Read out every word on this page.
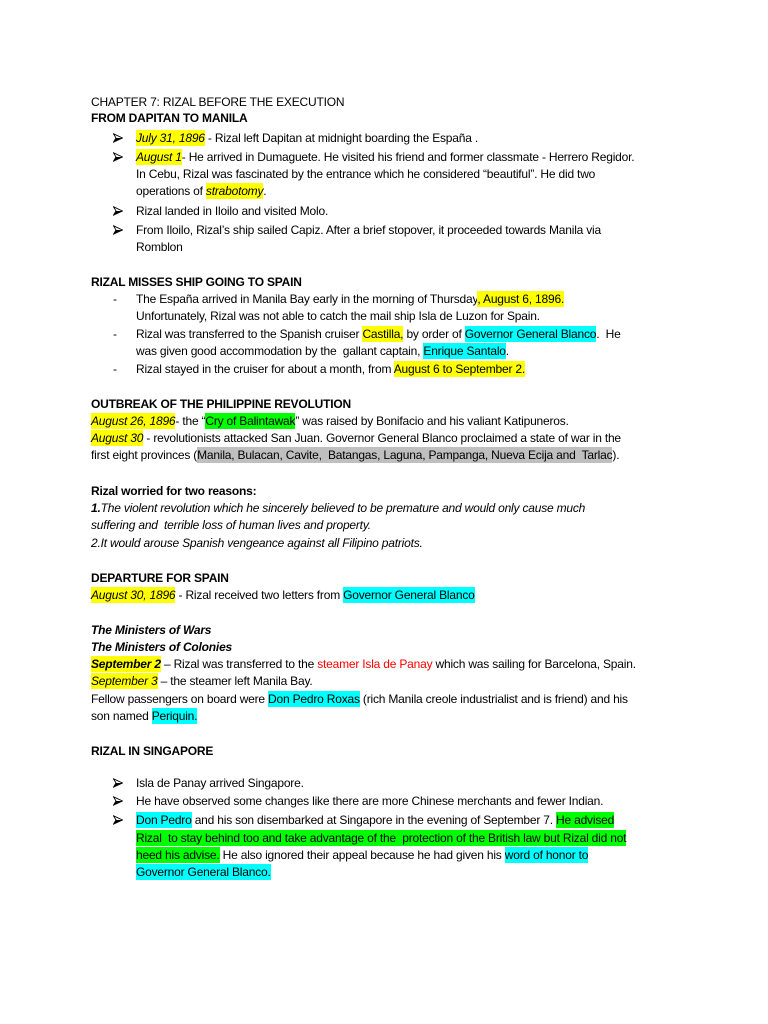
CHAPTER 7: RIZAL BEFORE THE EXECUTION
FROM DAPITAN TO MANILA
July 31, 1896 - Rizal left Dapitan at midnight boarding the España .
August 1- He arrived in Dumaguete. He visited his friend and former classmate - Herrero Regidor.
In Cebu, Rizal was fascinated by the entrance which he considered “beautiful”. He did two
operations of strabotomy.
Rizal landed in Iloilo and visited Molo.
From Iloilo, Rizal’s ship sailed Capiz. After a brief stopover, it proceeded towards Manila via
Romblon
RIZAL MISSES SHIP GOING TO SPAIN
- The España arrived in Manila Bay early in the morning of Thursday, August 6, 1896.
Unfortunately, Rizal was not able to catch the mail ship Isla de Luzon for Spain.
- Rizal was transferred to the Spanish cruiser Castilla, by order of Governor General Blanco.  He
was given good accommodation by the  gallant captain, Enrique Santalo.
- Rizal stayed in the cruiser for about a month, from August 6 to September 2.
OUTBREAK OF THE PHILIPPINE REVOLUTION
August 26, 1896- the “Cry of Balintawak” was raised by Bonifacio and his valiant Katipuneros.
August 30 - revolutionists attacked San Juan. Governor General Blanco proclaimed a state of war in the
first eight provinces (Manila, Bulacan, Cavite,  Batangas, Laguna, Pampanga, Nueva Ecija and  Tarlac).
Rizal worried for two reasons:
1.The violent revolution which he sincerely believed to be premature and would only cause much
suffering and  terrible loss of human lives and property.
2.It would arouse Spanish vengeance against all Filipino patriots.
DEPARTURE FOR SPAIN
August 30, 1896 - Rizal received two letters from Governor General Blanco
The Ministers of Wars
The Ministers of Colonies
September 2 – Rizal was transferred to the steamer Isla de Panay which was sailing for Barcelona, Spain.
September 3 – the steamer left Manila Bay.
Fellow passengers on board were Don Pedro Roxas (rich Manila creole industrialist and is friend) and his
son named Periquin.
RIZAL IN SINGAPORE
Isla de Panay arrived Singapore.
He have observed some changes like there are more Chinese merchants and fewer Indian.
Don Pedro and his son disembarked at Singapore in the evening of September 7. He advised
Rizal  to stay behind too and take advantage of the  protection of the British law but Rizal did not
heed his advise. He also ignored their appeal because he had given his word of honor to
Governor General Blanco.
